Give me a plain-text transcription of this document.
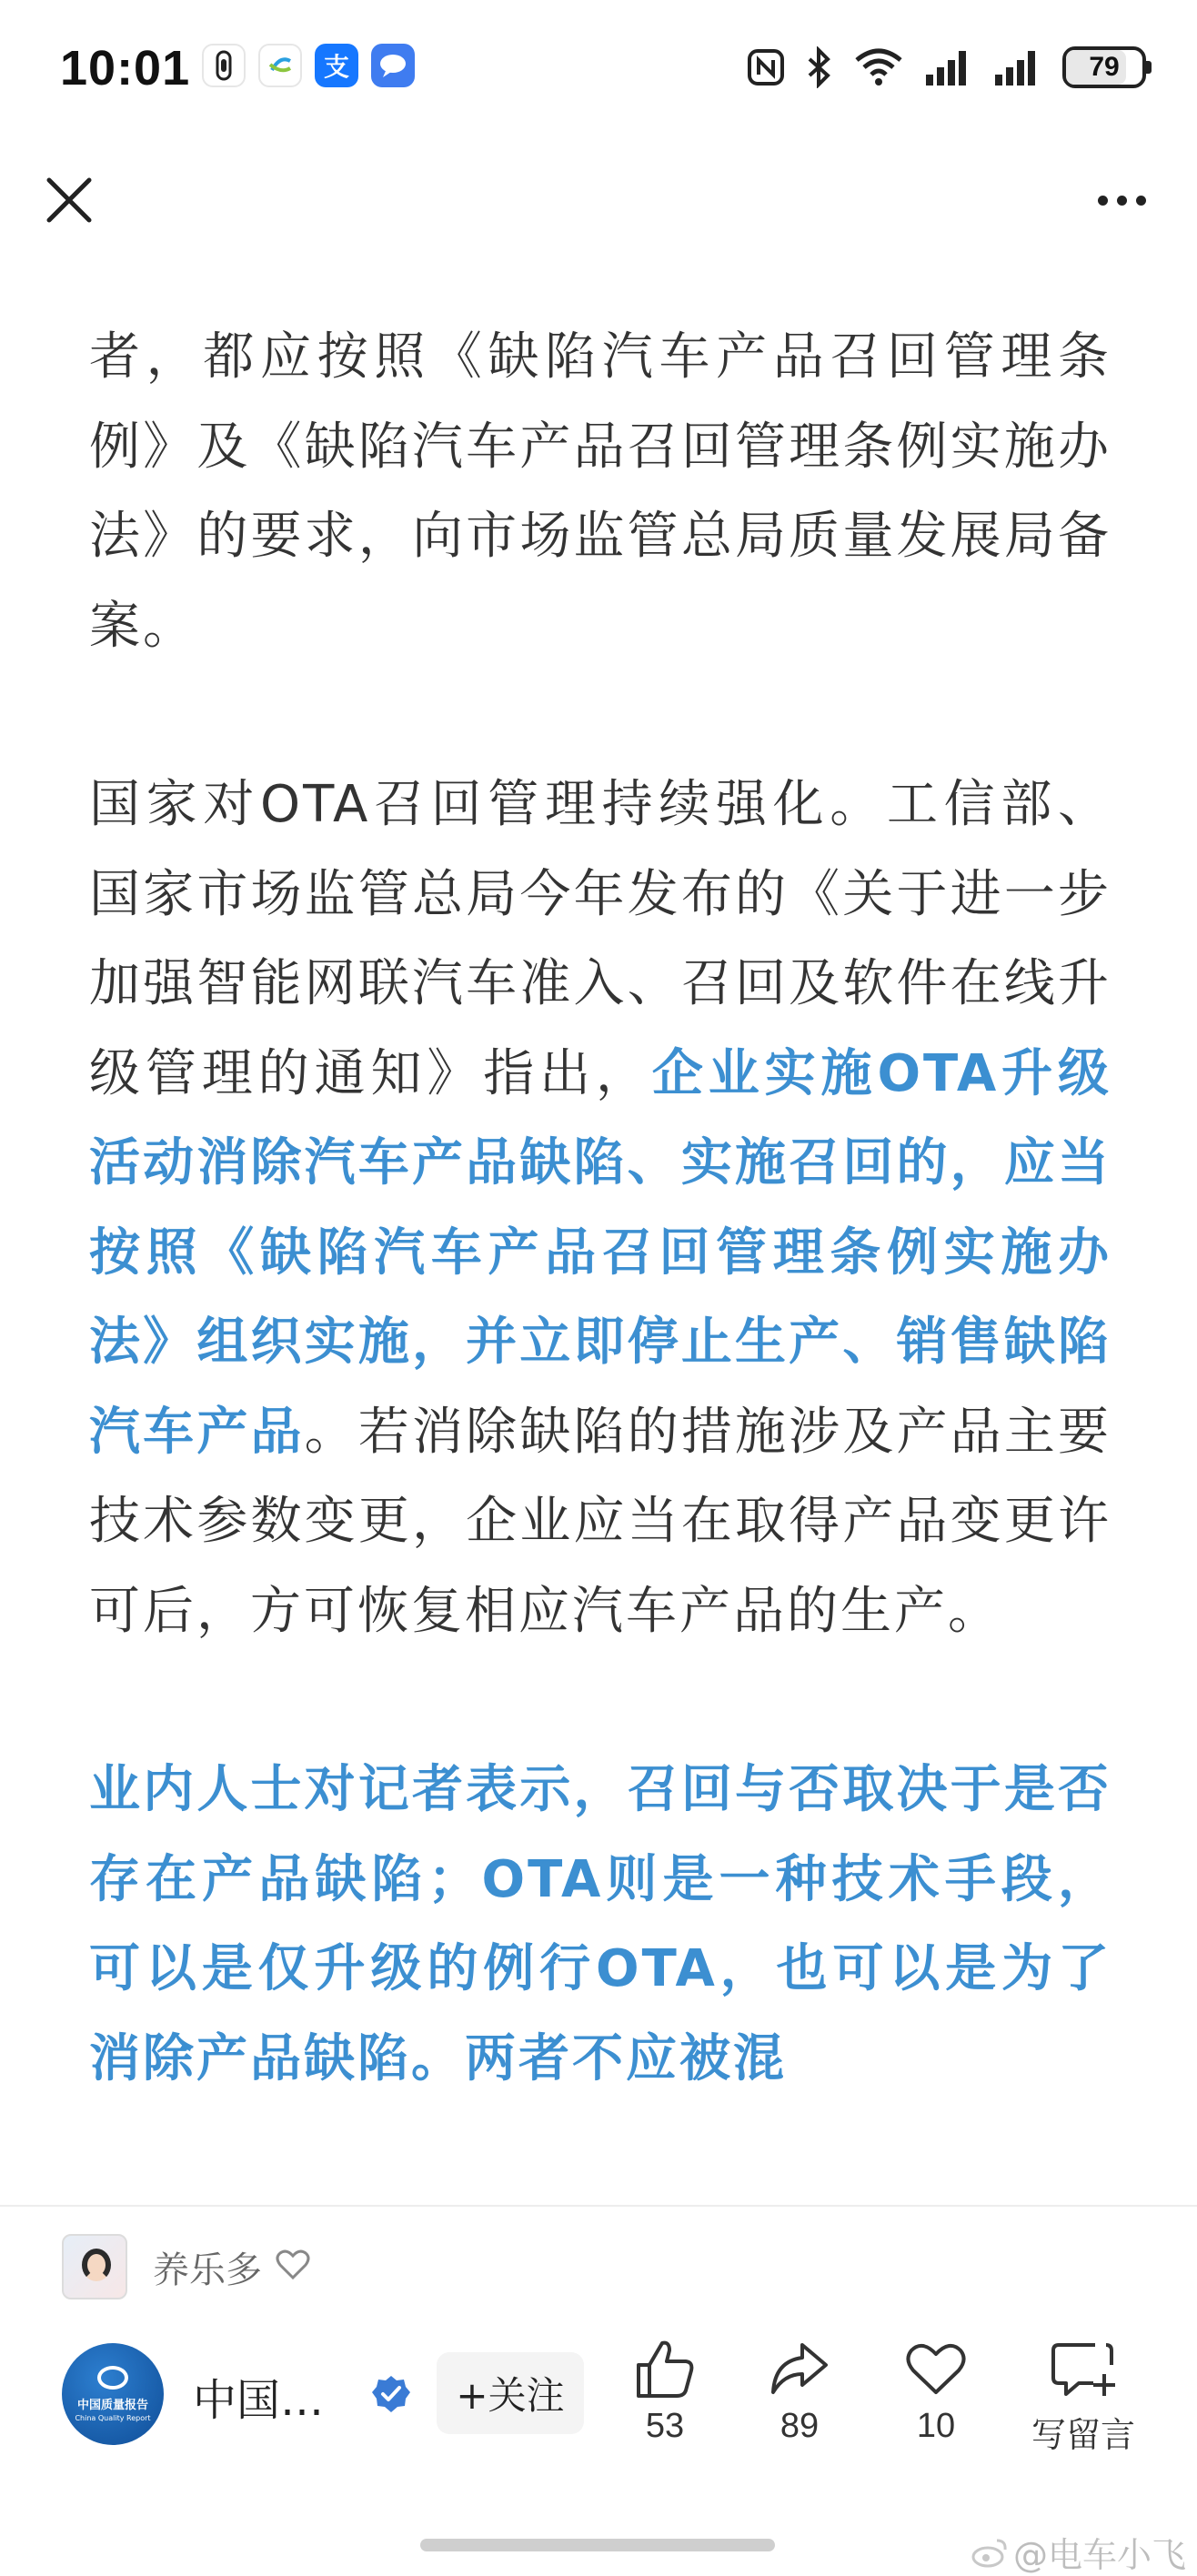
10:01	支	79

者，都应按照《缺陷汽车产品召回管理条例》及《缺陷汽车产品召回管理条例实施办法》的要求，向市场监管总局质量发展局备案。

国家对OTA召回管理持续强化。工信部、国家市场监管总局今年发布的《关于进一步加强智能网联汽车准入、召回及软件在线升级管理的通知》指出，企业实施OTA升级活动消除汽车产品缺陷、实施召回的，应当按照《缺陷汽车产品召回管理条例实施办法》组织实施，并立即停止生产、销售缺陷汽车产品。若消除缺陷的措施涉及产品主要技术参数变更，企业应当在取得产品变更许可后，方可恢复相应汽车产品的生产。

业内人士对记者表示，召回与否取决于是否存在产品缺陷；OTA则是一种技术手段，可以是仅升级的例行OTA，也可以是为了消除产品缺陷。两者不应被混

养乐多
中国质量报告
China Quality Report 中国…	+关注
53	89	10 写留言
@电车小飞
